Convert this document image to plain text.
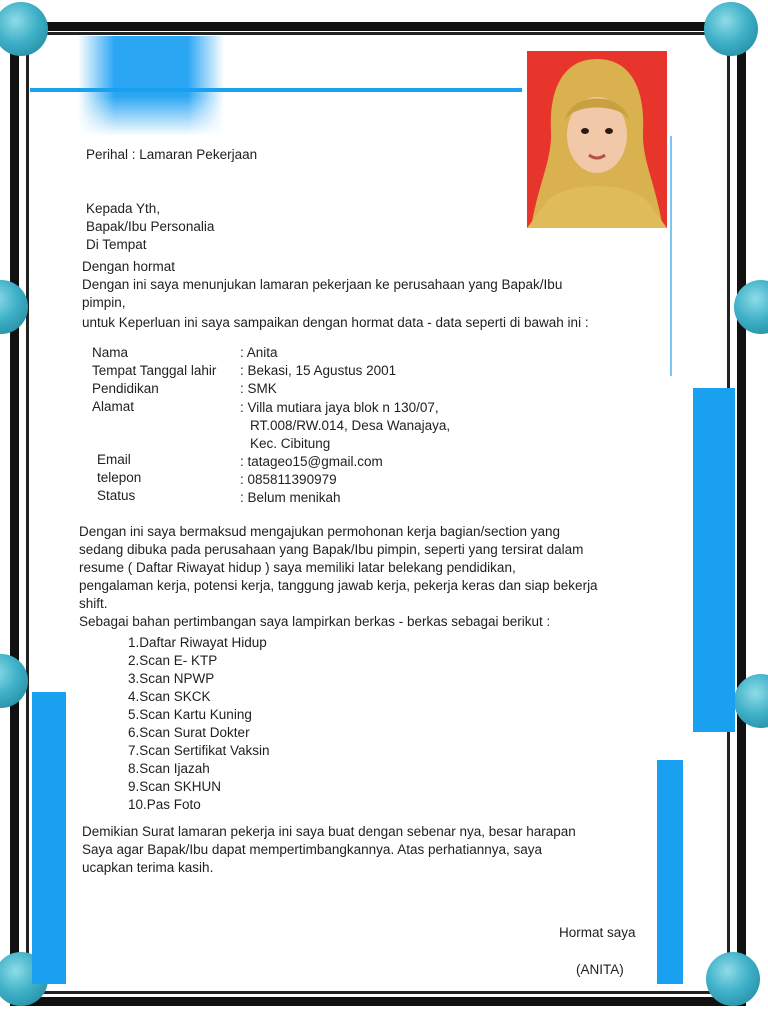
Perihal : Lamaran Pekerjaan
Kepada Yth,
Bapak/Ibu Personalia
Di Tempat
Dengan hormat
Dengan ini saya menunjukan lamaran pekerjaan ke perusahaan yang Bapak/Ibu
pimpin,
untuk Keperluan ini saya sampaikan dengan hormat data - data seperti di bawah ini :
Nama	: Anita
Tempat Tanggal lahir : Bekasi, 15 Agustus 2001
Pendidikan	: SMK
Alamat	: Villa mutiara jaya blok n 130/07,
RT.008/RW.014, Desa Wanajaya,
Kec. Cibitung
Email	: tatageo15@gmail.com
telepon	: 085811390979
Status	: Belum menikah
Dengan ini saya bermaksud mengajukan permohonan kerja bagian/section yang
sedang dibuka pada perusahaan yang Bapak/Ibu pimpin, seperti yang tersirat dalam
resume ( Daftar Riwayat hidup ) saya memiliki latar belekang pendidikan,
pengalaman kerja, potensi kerja, tanggung jawab kerja, pekerja keras dan siap bekerja
shift.
Sebagai bahan pertimbangan saya lampirkan berkas - berkas sebagai berikut :
1.Daftar Riwayat Hidup
2.Scan E- KTP
3.Scan NPWP
4.Scan SKCK
5.Scan Kartu Kuning
6.Scan Surat Dokter
7.Scan Sertifikat Vaksin
8.Scan Ijazah
9.Scan SKHUN
10.Pas Foto
Demikian Surat lamaran pekerja ini saya buat dengan sebenar nya, besar harapan
Saya agar Bapak/Ibu dapat mempertimbangkannya. Atas perhatiannya, saya
ucapkan terima kasih.
Hormat saya
(ANITA)
